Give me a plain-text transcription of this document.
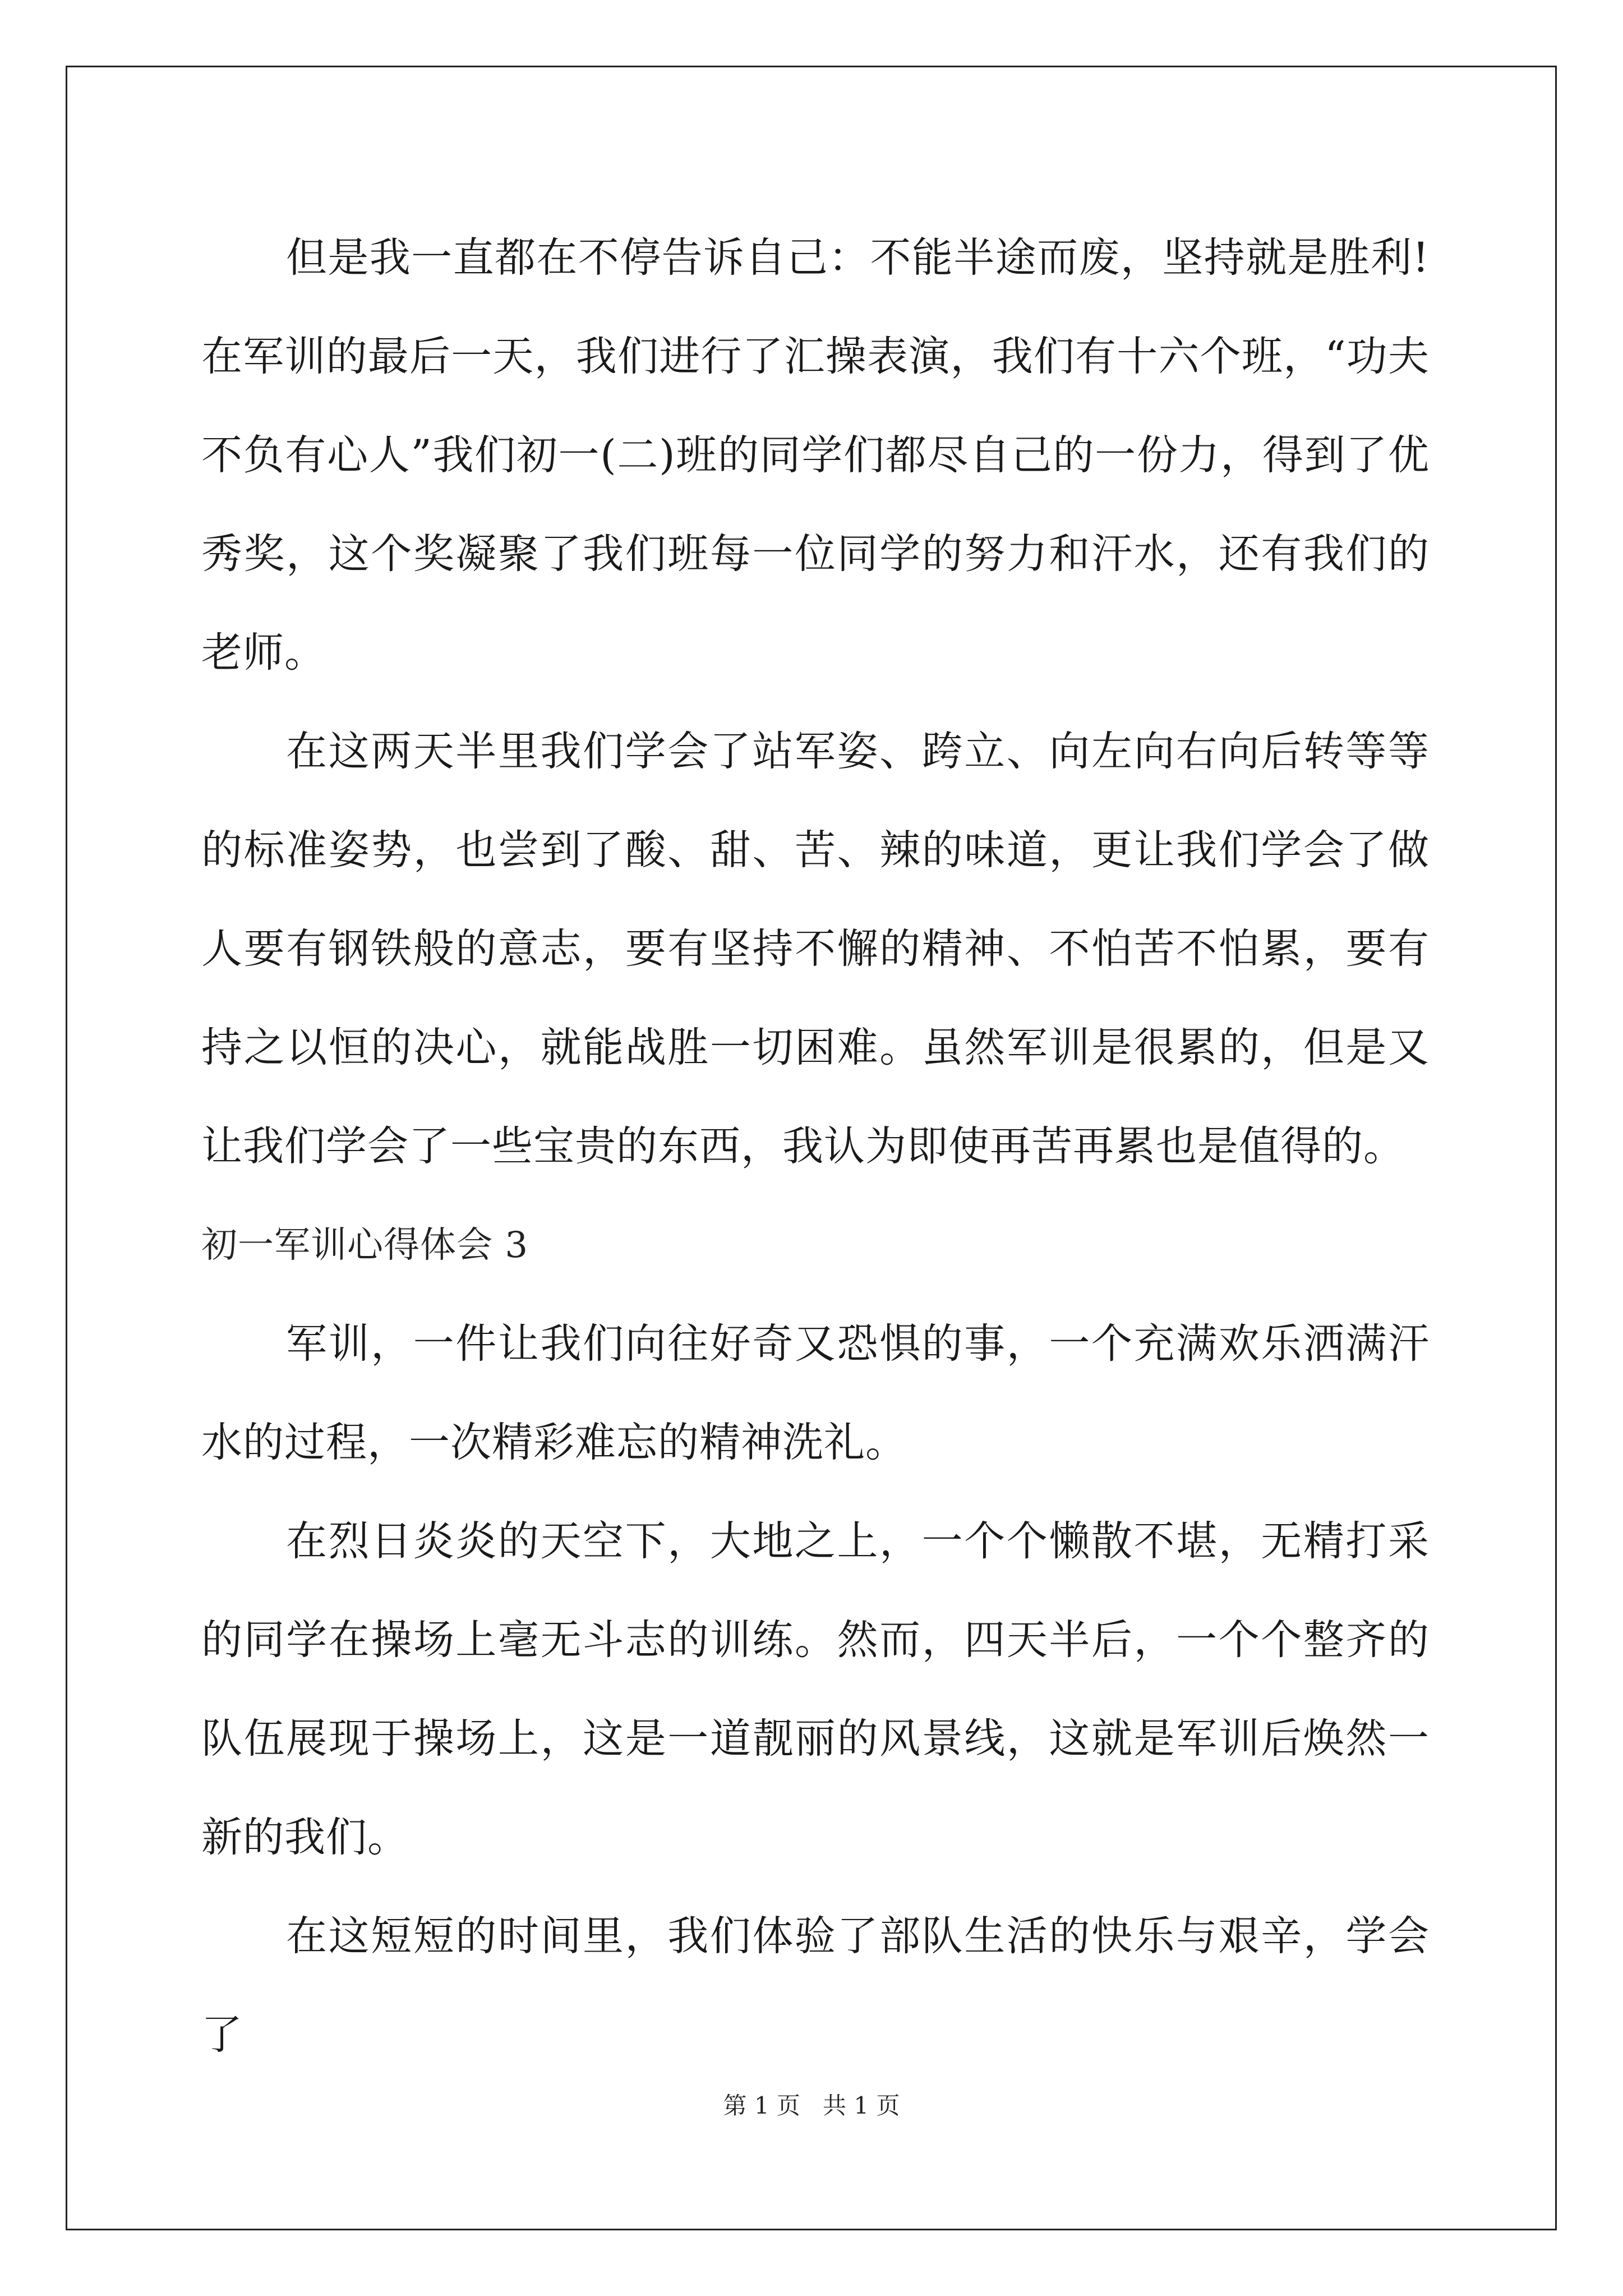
但是我一直都在不停告诉自己：不能半途而废，坚持就是胜利!在军训的最后一天，我们进行了汇操表演，我们有十六个班，“功夫不负有心人”我们初一(二)班的同学们都尽自己的一份力，得到了优秀奖，这个奖凝聚了我们班每一位同学的努力和汗水，还有我们的老师。

在这两天半里我们学会了站军姿、跨立、向左向右向后转等等的标准姿势，也尝到了酸、甜、苦、辣的味道，更让我们学会了做人要有钢铁般的意志，要有坚持不懈的精神、不怕苦不怕累，要有持之以恒的决心，就能战胜一切困难。虽然军训是很累的，但是又让我们学会了一些宝贵的东西，我认为即使再苦再累也是值得的。

初一军训心得体会 3

军训，一件让我们向往好奇又恐惧的事，一个充满欢乐洒满汗水的过程，一次精彩难忘的精神洗礼。

在烈日炎炎的天空下，大地之上，一个个懒散不堪，无精打采的同学在操场上毫无斗志的训练。然而，四天半后，一个个整齐的队伍展现于操场上，这是一道靓丽的风景线，这就是军训后焕然一新的我们。

在这短短的时间里，我们体验了部队生活的快乐与艰辛，学会了

第 1 页   共 1 页
